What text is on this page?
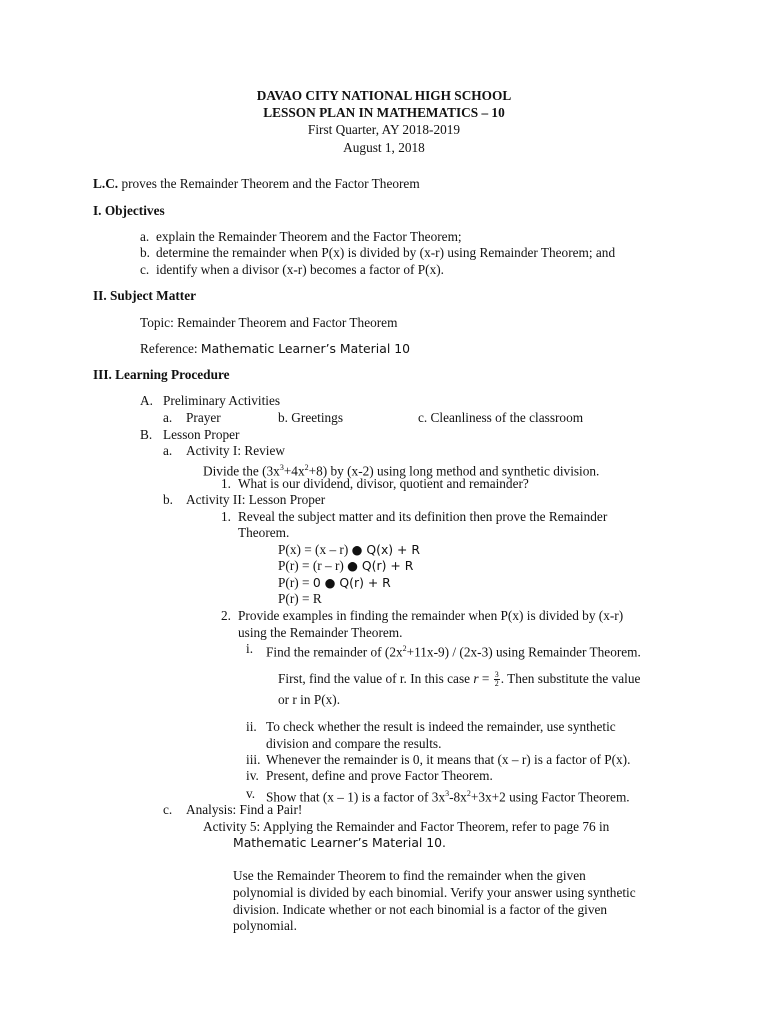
DAVAO CITY NATIONAL HIGH SCHOOL
LESSON PLAN IN MATHEMATICS – 10
First Quarter, AY 2018-2019
August 1, 2018
L.C. proves the Remainder Theorem and the Factor Theorem
I. Objectives
a. explain the Remainder Theorem and the Factor Theorem;
b. determine the remainder when P(x) is divided by (x-r) using Remainder Theorem; and
c. identify when a divisor (x-r) becomes a factor of P(x).
II. Subject Matter
Topic: Remainder Theorem and Factor Theorem
Reference: Mathematic Learner’s Material 10
III. Learning Procedure
A. Preliminary Activities
a. Prayer	b. Greetings	c. Cleanliness of the classroom
B. Lesson Proper
a. Activity I: Review
Divide the $(3x^3+4x^2+8)$ by (x-2) using long method and synthetic division.
1. What is our dividend, divisor, quotient and remainder?
b. Activity II: Lesson Proper
1. Reveal the subject matter and its definition then prove the Remainder
Theorem.
P(x) = (x – r) ● Q(x) + R
P(r) = (r – r) ● Q(r) + R
P(r) = 0 ● Q(r) + R
P(r) = R
2. Provide examples in finding the remainder when P(x) is divided by (x-r)
using the Remainder Theorem.
i. Find the remainder of $(2x^2+11x-9) / (2x-3)$ using Remainder Theorem.
First, find the value of r. In this case $r = \frac{3}{2}$ . Then substitute the value
or r in P(x).
ii. To check whether the result is indeed the remainder, use synthetic
division and compare the results.
iii. Whenever the remainder is 0, it means that (x – r) is a factor of P(x).
iv. Present, define and prove Factor Theorem.
v. Show that (x – 1) is a factor of $3x^3-8x^2+3x+2$ using Factor Theorem.
c. Analysis: Find a Pair!
Activity 5: Applying the Remainder and Factor Theorem, refer to page 76 in
Mathematic Learner’s Material 10.
Use the Remainder Theorem to find the remainder when the given
polynomial is divided by each binomial. Verify your answer using synthetic
division. Indicate whether or not each binomial is a factor of the given
polynomial.
